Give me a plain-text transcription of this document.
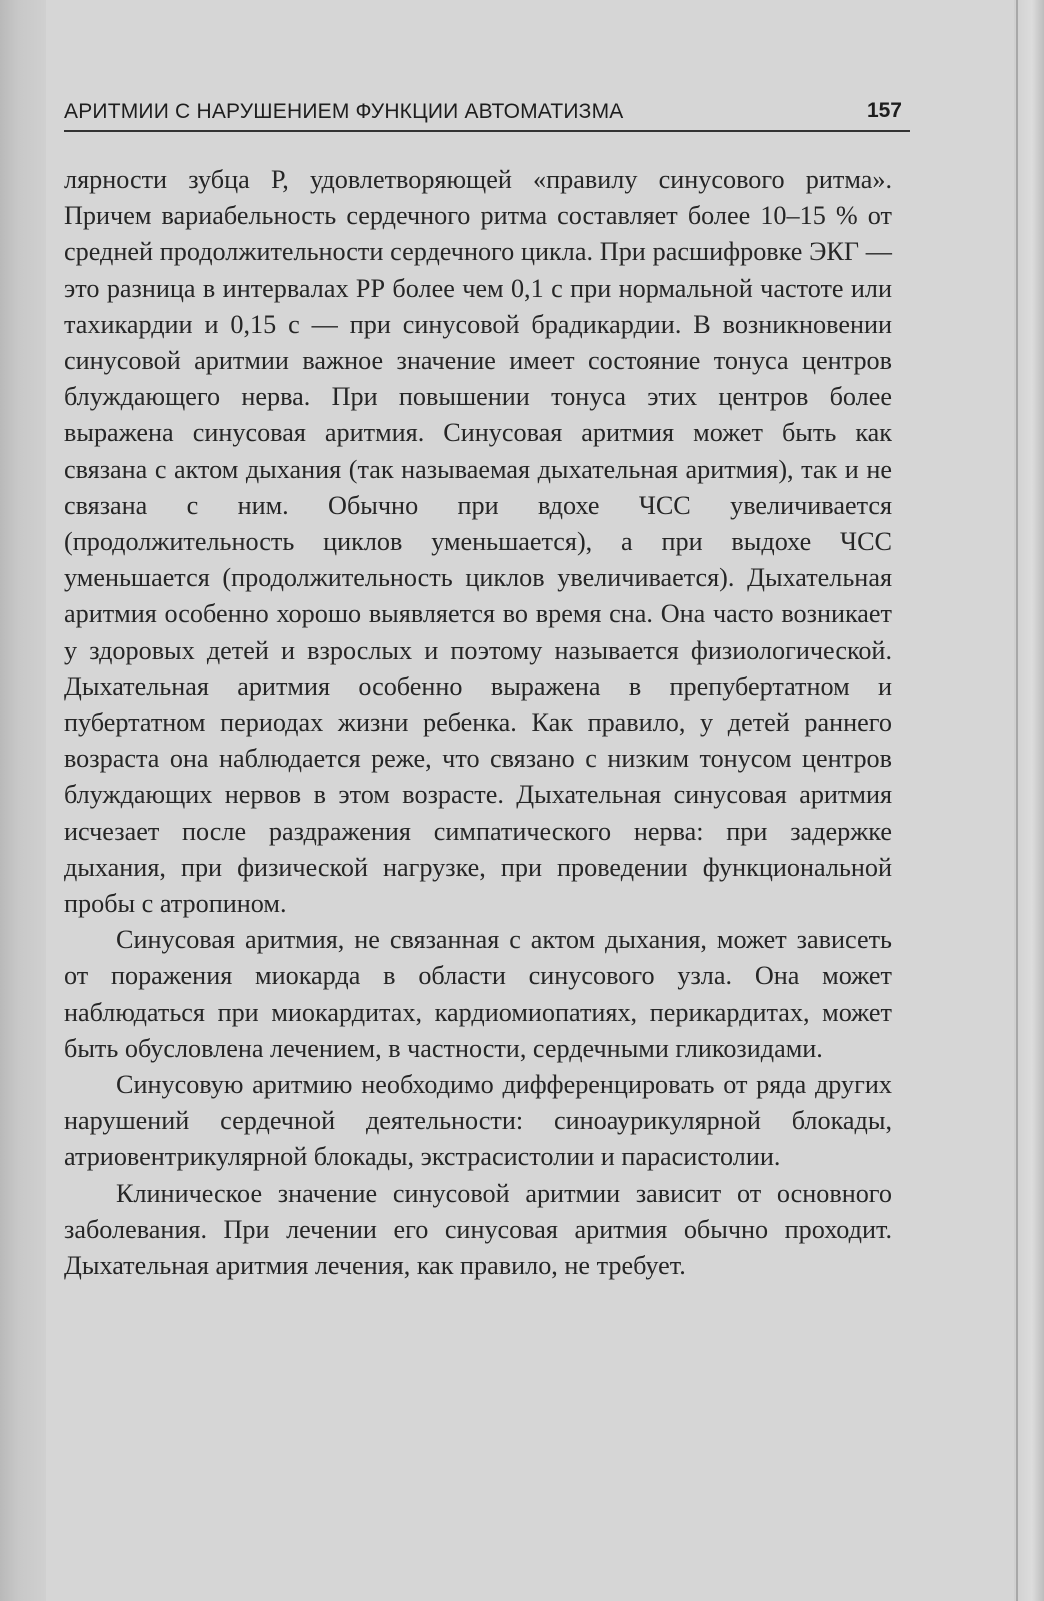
АРИТМИИ С НАРУШЕНИЕМ ФУНКЦИИ АВТОМАТИЗМА	157

лярности зубца Р, удовлетворяющей «правилу синусового ритма». Причем вариабельность сердечного ритма составляет более 10–15 % от средней продолжительности сердечного цикла. При расшифровке ЭКГ — это разница в интервалах РР более чем 0,1 с при нормальной частоте или тахикардии и 0,15 с — при синусовой брадикардии. В возникновении синусовой аритмии важное значение имеет состояние тонуса центров блуждающего нерва. При повышении тонуса этих центров более выражена синусовая аритмия. Синусовая аритмия может быть как связана с актом дыхания (так называемая дыхательная аритмия), так и не связана с ним. Обычно при вдохе ЧСС увеличивается (продолжительность циклов уменьшается), а при выдохе ЧСС уменьшается (продолжительность циклов увеличивается). Дыхательная аритмия особенно хорошо выявляется во время сна. Она часто возникает у здоровых детей и взрослых и поэтому называется физиологической. Дыхательная аритмия особенно выражена в препубертатном и пубертатном периодах жизни ребенка. Как правило, у детей раннего возраста она наблюдается реже, что связано с низким тонусом центров блуждающих нервов в этом возрасте. Дыхательная синусовая аритмия исчезает после раздражения симпатического нерва: при задержке дыхания, при физической нагрузке, при проведении функциональной пробы с атропином.

Синусовая аритмия, не связанная с актом дыхания, может зависеть от поражения миокарда в области синусового узла. Она может наблюдаться при миокардитах, кардиомиопатиях, перикардитах, может быть обусловлена лечением, в частности, сердечными гликозидами.

Синусовую аритмию необходимо дифференцировать от ряда других нарушений сердечной деятельности: синоаурикулярной блокады, атриовентрикулярной блокады, экстрасистолии и парасистолии.

Клиническое значение синусовой аритмии зависит от основного заболевания. При лечении его синусовая аритмия обычно проходит. Дыхательная аритмия лечения, как правило, не требует.
